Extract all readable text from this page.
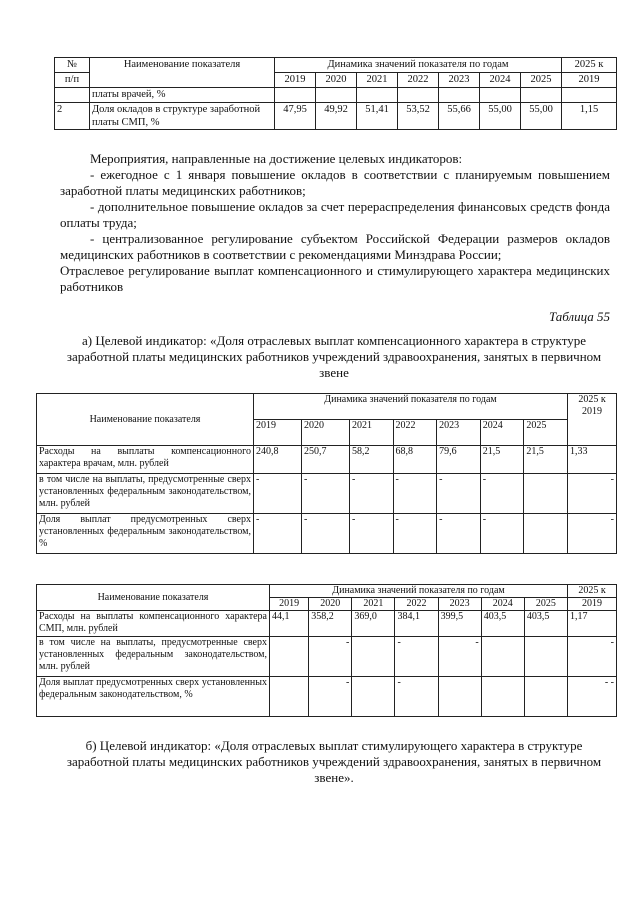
№	Наименование показателя	Динамика значений показателя по годам							2025 к
п/п		2019	2020	2021	2022	2023	2024	2025	2019
	платы врачей, %								
2	Доля окладов в структуре заработной платы СМП, %	47,95	49,92	51,41	53,52	55,66	55,00	55,00	1,15

Мероприятия, направленные на достижение целевых индикаторов:

- ежегодное с 1 января повышение окладов в соответствии с планируемым повышением заработной платы медицинских работников;

- дополнительное повышение окладов за счет перераспределения финансовых средств фонда оплаты труда;

- централизованное регулирование субъектом Российской Федерации размеров окладов медицинских работников в соответствии с рекомендациями Минздрава России;

Отраслевое регулирование выплат компенсационного и стимулирующего характера медицинских работников

Таблица 55
а) Целевой индикатор: «Доля отраслевых выплат компенсационного характера в структуре заработной платы медицинских работников учреждений здравоохранения, занятых в первичном звене
Наименование показателя	Динамика значений показателя по годам							2025 к 2019
	2019	2020	2021	2022	2023	2024	2025	
Расходы на выплаты компенсационного характера врачам, млн. рублей	240,8	250,7	58,2	68,8	79,6	21,5	21,5	1,33
в том числе на выплаты, предусмотренные сверх установленных федеральным законодательством, млн. рублей	-	-	-	-	-	-		-
Доля выплат предусмотренных сверх установленных федеральным законодательством, %	-	-	-	-	-	-		-
Наименование показателя	Динамика значений показателя по годам							2025 к
	2019	2020	2021	2022	2023	2024	2025	2019
Расходы на выплаты компенсационного характера СМП, млн. рублей	44,1	358,2	369,0	384,1	399,5	403,5	403,5	1,17
в том числе на выплаты, предусмотренные сверх установленных федеральным законодательством, млн. рублей		-		-	-			-
Доля выплат предусмотренных сверх установленных федеральным законодательством, %		-		-				- -
б) Целевой индикатор: «Доля отраслевых выплат стимулирующего характера в структуре заработной платы медицинских работников учреждений здравоохранения, занятых в первичном звене».
